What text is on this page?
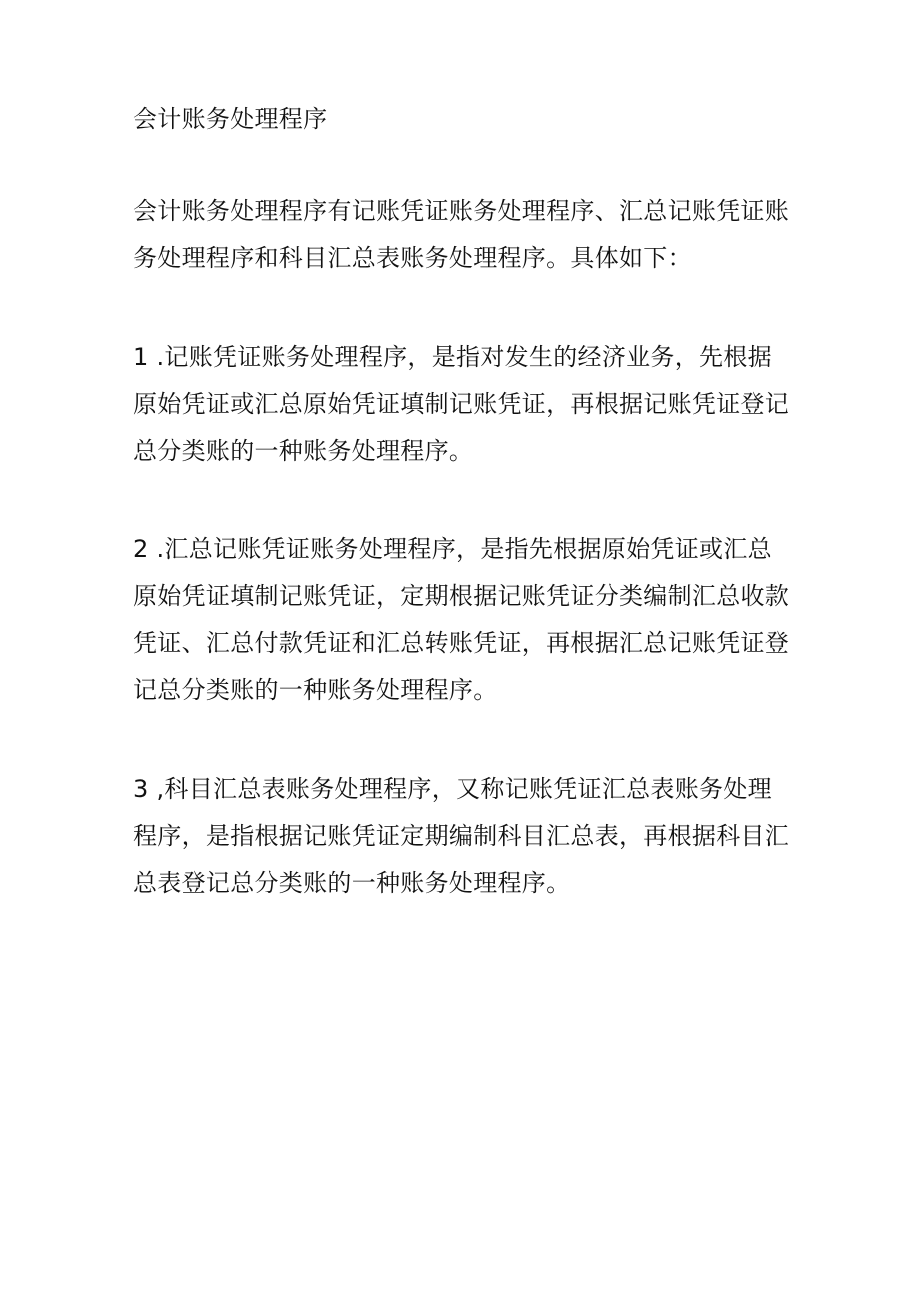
会计账务处理程序

会计账务处理程序有记账凭证账务处理程序、汇总记账凭证账
务处理程序和科目汇总表账务处理程序。具体如下：

1 .记账凭证账务处理程序，是指对发生的经济业务，先根据
原始凭证或汇总原始凭证填制记账凭证，再根据记账凭证登记
总分类账的一种账务处理程序。

2 .汇总记账凭证账务处理程序，是指先根据原始凭证或汇总
原始凭证填制记账凭证，定期根据记账凭证分类编制汇总收款
凭证、汇总付款凭证和汇总转账凭证，再根据汇总记账凭证登
记总分类账的一种账务处理程序。

3 ,科目汇总表账务处理程序，又称记账凭证汇总表账务处理
程序，是指根据记账凭证定期编制科目汇总表，再根据科目汇
总表登记总分类账的一种账务处理程序。
